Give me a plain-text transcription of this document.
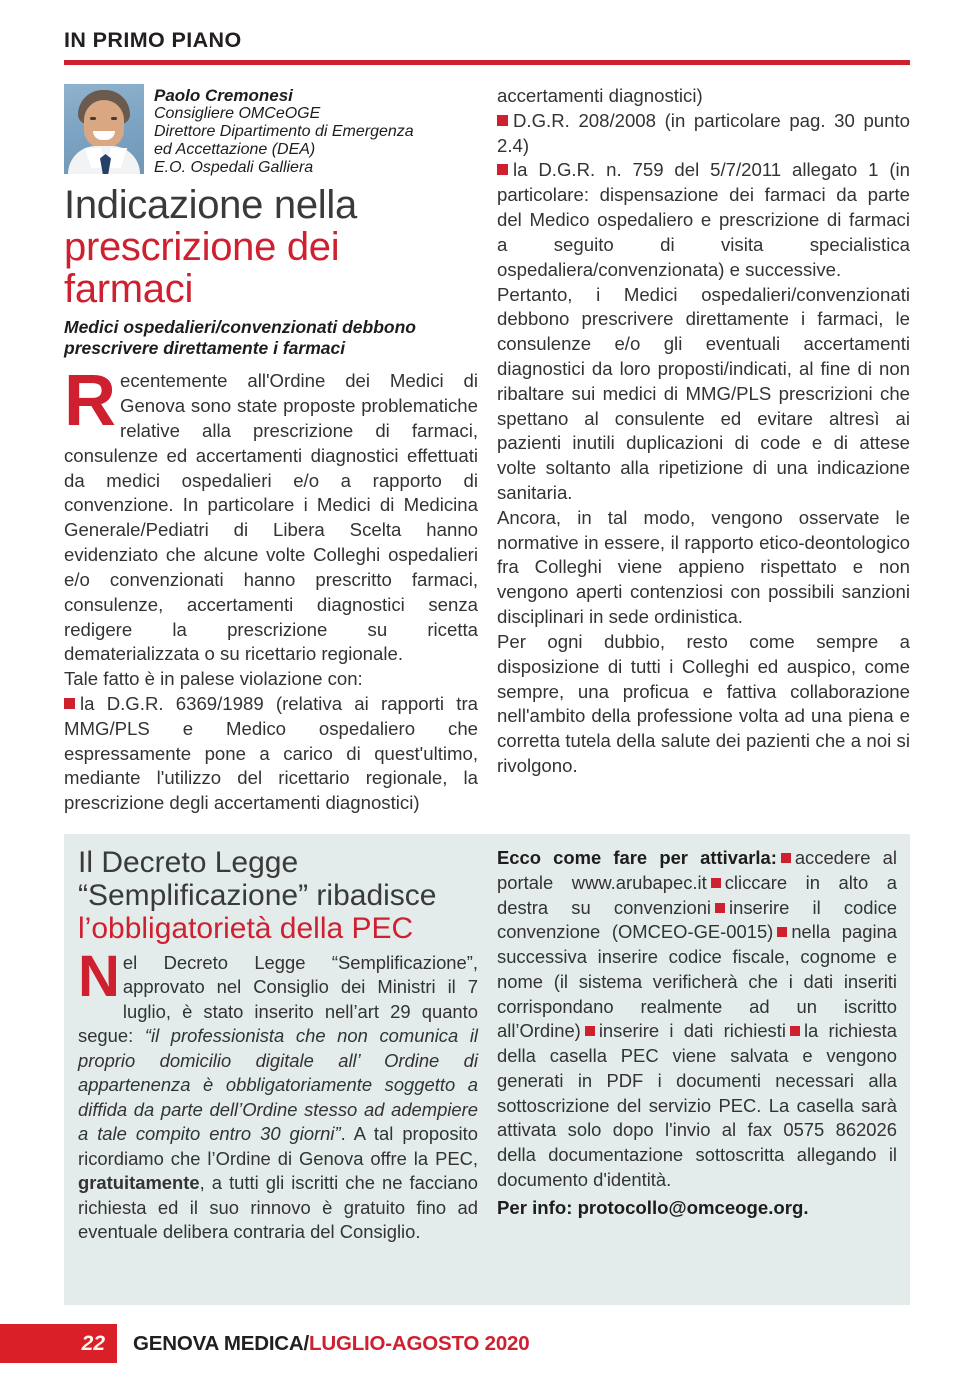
IN PRIMO PIANO
Paolo Cremonesi
Consigliere OMCeOGE
Direttore Dipartimento di Emergenza
ed Accettazione (DEA)
E.O. Ospedali Galliera
Indicazione nella
prescrizione dei farmaci
Medici ospedalieri/convenzionati debbono
prescrivere direttamente i farmaci

Recentemente all'Ordine dei Medici di Genova sono state proposte problematiche relative alla prescrizione di farmaci, consulenze ed accertamenti diagnostici effettuati da medici ospedalieri e/o a rapporto di convenzione. In particolare i Medici di Medicina Generale/Pediatri di Libera Scelta hanno evidenziato che alcune volte Colleghi ospedalieri e/o convenzionati hanno prescritto farmaci, consulenze, accertamenti diagnostici senza redigere la prescrizione su ricetta dematerializzata o su ricettario regionale.

Tale fatto è in palese violazione con:

la D.G.R. 6369/1989 (relativa ai rapporti tra MMG/PLS e Medico ospedaliero che espressamente pone a carico di quest'ultimo, mediante l'utilizzo del ricettario regionale, la prescrizione degli accertamenti diagnostici)

accertamenti diagnostici)

D.G.R. 208/2008 (in particolare pag. 30 punto 2.4)

la D.G.R. n. 759 del 5/7/2011 allegato 1 (in particolare: dispensazione dei farmaci da parte del Medico ospedaliero e prescrizione di farmaci a seguito di visita specialistica ospedaliera/convenzionata) e successive.

Pertanto, i Medici ospedalieri/convenzionati debbono prescrivere direttamente i farmaci, le consulenze e/o gli eventuali accertamenti diagnostici da loro proposti/indicati, al fine di non ribaltare sui medici di MMG/PLS prescrizioni che spettano al consulente ed evitare altresì ai pazienti inutili duplicazioni di code e di attese volte soltanto alla ripetizione di una indicazione sanitaria.

Ancora, in tal modo, vengono osservate le normative in essere, il rapporto etico-deontologico fra Colleghi viene appieno rispettato e non vengono aperti contenziosi con possibili sanzioni disciplinari in sede ordinistica.

Per ogni dubbio, resto come sempre a disposizione di tutti i Colleghi ed auspico, come sempre, una proficua e fattiva collaborazione nell'ambito della professione volta ad una piena e corretta tutela della salute dei pazienti che a noi si rivolgono.

Il Decreto Legge
“Semplificazione” ribadisce
l’obbligatorietà della PEC

Nel Decreto Legge “Semplificazione”, approvato nel Consiglio dei Ministri il 7 luglio, è stato inserito nell’art 29 quanto segue: “il professionista che non comunica il proprio domicilio digitale all’ Ordine di appartenenza è obbligatoriamente soggetto a diffida da parte dell’Ordine stesso ad adempiere a tale compito entro 30 giorni”. A tal proposito ricordiamo che l’Ordine di Genova offre la PEC, gratuitamente, a tutti gli iscritti che ne facciano richiesta ed il suo rinnovo è gratuito fino ad eventuale delibera contraria del Consiglio.

Ecco come fare per attivarla: accedere al portale www.arubapec.it cliccare in alto a destra su convenzioni inserire il codice convenzione (OMCEO-GE-0015) nella pagina successiva inserire codice fiscale, cognome e nome (il sistema verificherà che i dati inseriti corrispondano realmente ad un iscritto all’Ordine) inserire i dati richiesti la richiesta della casella PEC viene salvata e vengono generati in PDF i documenti necessari alla sottoscrizione del servizio PEC. La casella sarà attivata solo dopo l'invio al fax 0575 862026 della documentazione sottoscritta allegando il documento d'identità.

Per info: protocollo@omceoge.org.
22	GENOVA MEDICA/LUGLIO-AGOSTO 2020
